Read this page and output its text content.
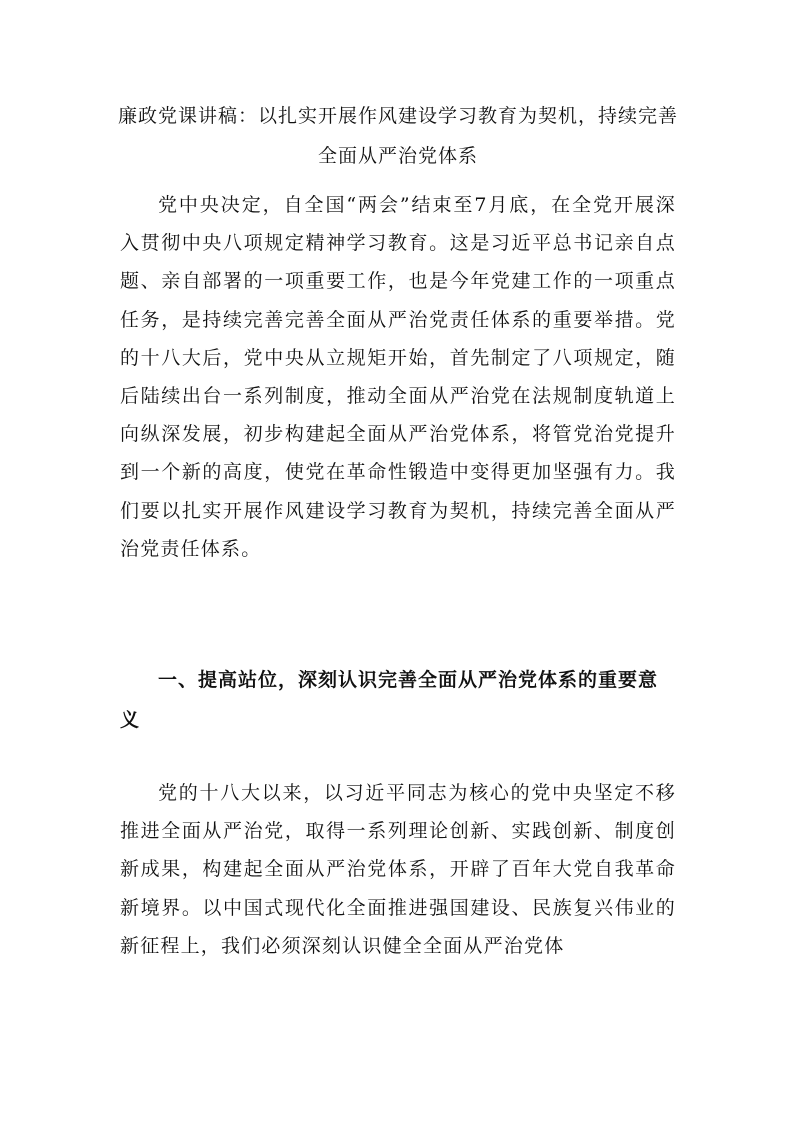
廉政党课讲稿：以扎实开展作风建设学习教育为契机，持续完善全面从严治党体系
党中央决定，自全国“两会”结束至7月底，在全党开展深入贯彻中央八项规定精神学习教育。这是习近平总书记亲自点题、亲自部署的一项重要工作，也是今年党建工作的一项重点任务，是持续完善完善全面从严治党责任体系的重要举措。党的十八大后，党中央从立规矩开始，首先制定了八项规定，随后陆续出台一系列制度，推动全面从严治党在法规制度轨道上向纵深发展，初步构建起全面从严治党体系，将管党治党提升到一个新的高度，使党在革命性锻造中变得更加坚强有力。我们要以扎实开展作风建设学习教育为契机，持续完善全面从严治党责任体系。
一、提高站位，深刻认识完善全面从严治党体系的重要意义
党的十八大以来，以习近平同志为核心的党中央坚定不移推进全面从严治党，取得一系列理论创新、实践创新、制度创新成果，构建起全面从严治党体系，开辟了百年大党自我革命新境界。以中国式现代化全面推进强国建设、民族复兴伟业的新征程上，我们必须深刻认识健全全面从严治党体
